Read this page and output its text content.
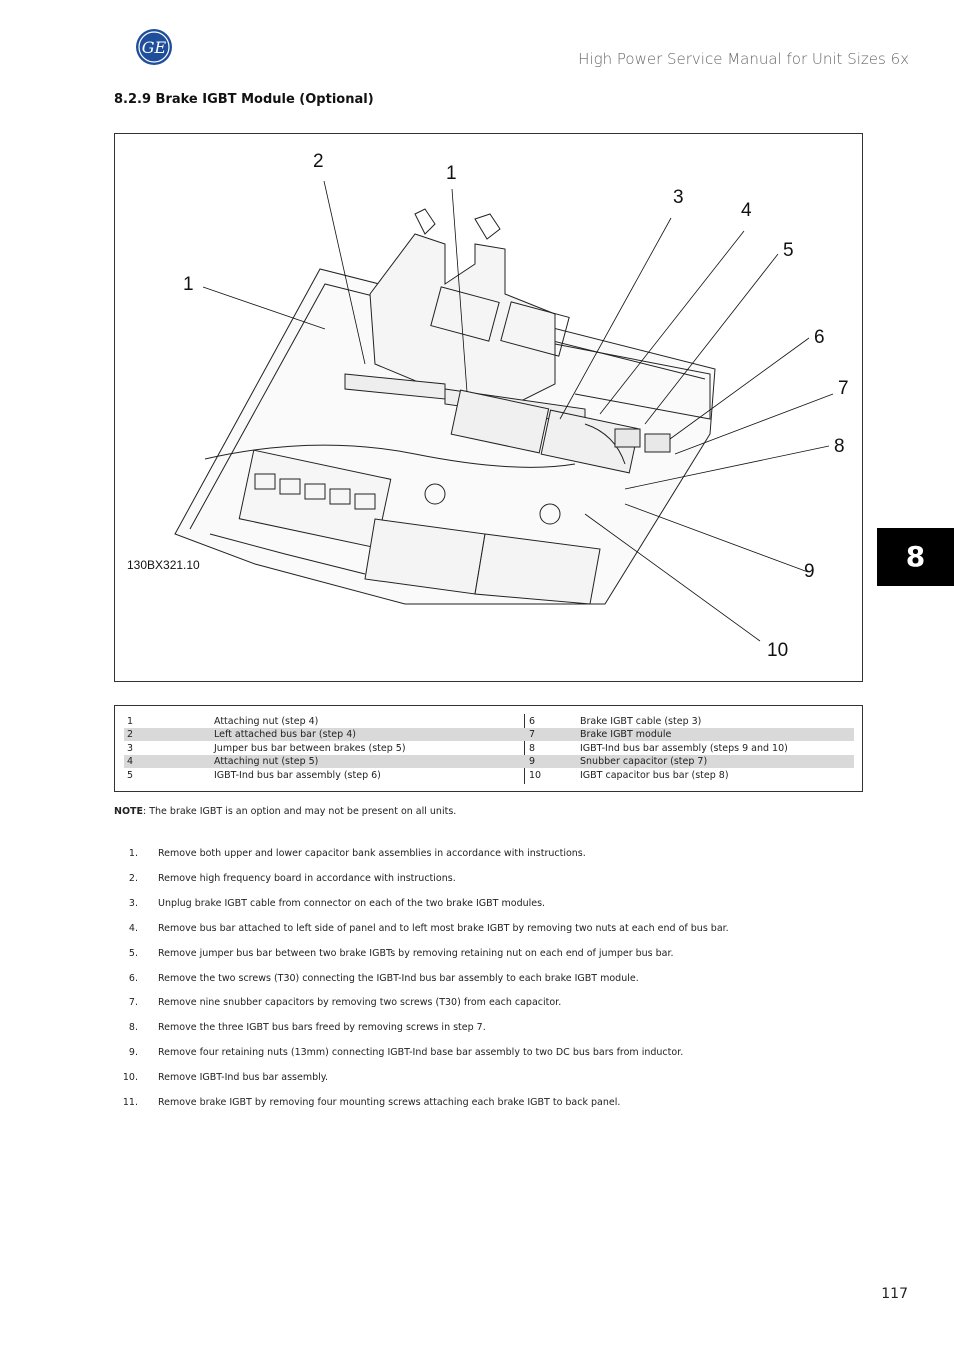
GE
High Power Service Manual for Unit Sizes 6x
8.2.9 Brake IGBT Module (Optional)
2
1
1
3
4
5
6
7
8
9
10
130BX321.10
1	Attaching nut (step 4)	6	Brake IGBT cable (step 3)
2	Left attached bus bar (step 4)	7	Brake IGBT module
3	Jumper bus bar between brakes (step 5)	8	IGBT-Ind bus bar assembly (steps 9 and 10)
4	Attaching nut (step 5)	9	Snubber capacitor (step 7)
5	IGBT-Ind bus bar assembly (step 6)	10	IGBT capacitor bus bar (step 8)
NOTE: The brake IGBT is an option and may not be present on all units.
1. Remove both upper and lower capacitor bank assemblies in accordance with instructions.
2. Remove high frequency board in accordance with instructions.
3. Unplug brake IGBT cable from connector on each of the two brake IGBT modules.
4. Remove bus bar attached to left side of panel and to left most brake IGBT by removing two nuts at each end of bus bar.
5. Remove jumper bus bar between two brake IGBTs by removing retaining nut on each end of jumper bus bar.
6. Remove the two screws (T30) connecting the IGBT-Ind bus bar assembly to each brake IGBT module.
7. Remove nine snubber capacitors by removing two screws (T30) from each capacitor.
8. Remove the three IGBT bus bars freed by removing screws in step 7.
9. Remove four retaining nuts (13mm) connecting IGBT-Ind base bar assembly to two DC bus bars from inductor.
10. Remove IGBT-Ind bus bar assembly.
11. Remove brake IGBT by removing four mounting screws attaching each brake IGBT to back panel.
8
117
